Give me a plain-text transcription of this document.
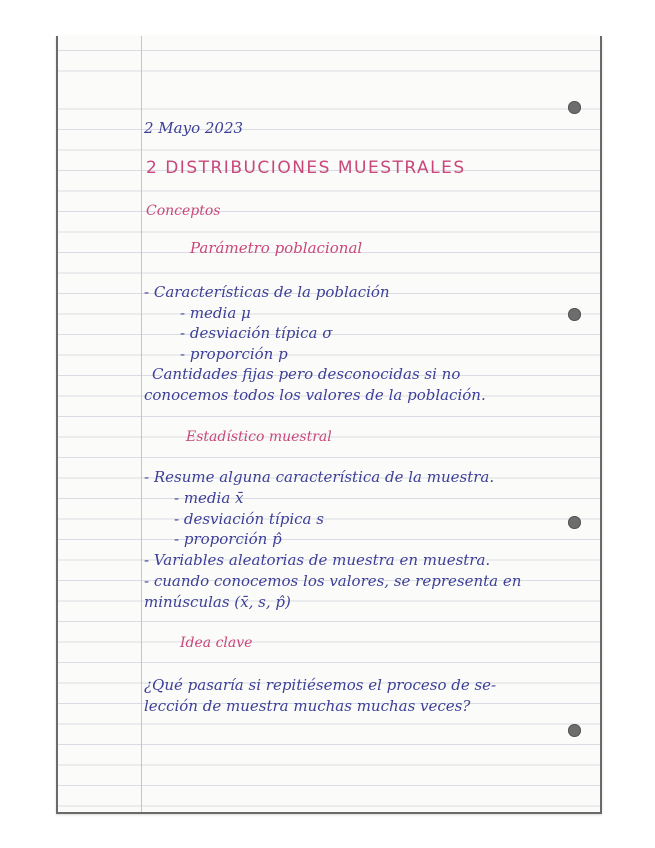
2 Mayo 2023
2 DISTRIBUCIONES MUESTRALES
Conceptos
Parámetro poblacional
- Características de la población
- media μ
- desviación típica σ
- proporción p
Cantidades fijas pero desconocidas si no
conocemos todos los valores de la población.
Estadístico muestral
- Resume alguna característica de la muestra.
- media x̄
- desviación típica s
- proporción p̂
- Variables aleatorias de muestra en muestra.
- cuando conocemos los valores, se representa en
minúsculas (x̄, s, p̂)
Idea clave
¿Qué pasaría si repitiésemos el proceso de se-
lección de muestra muchas muchas veces?
